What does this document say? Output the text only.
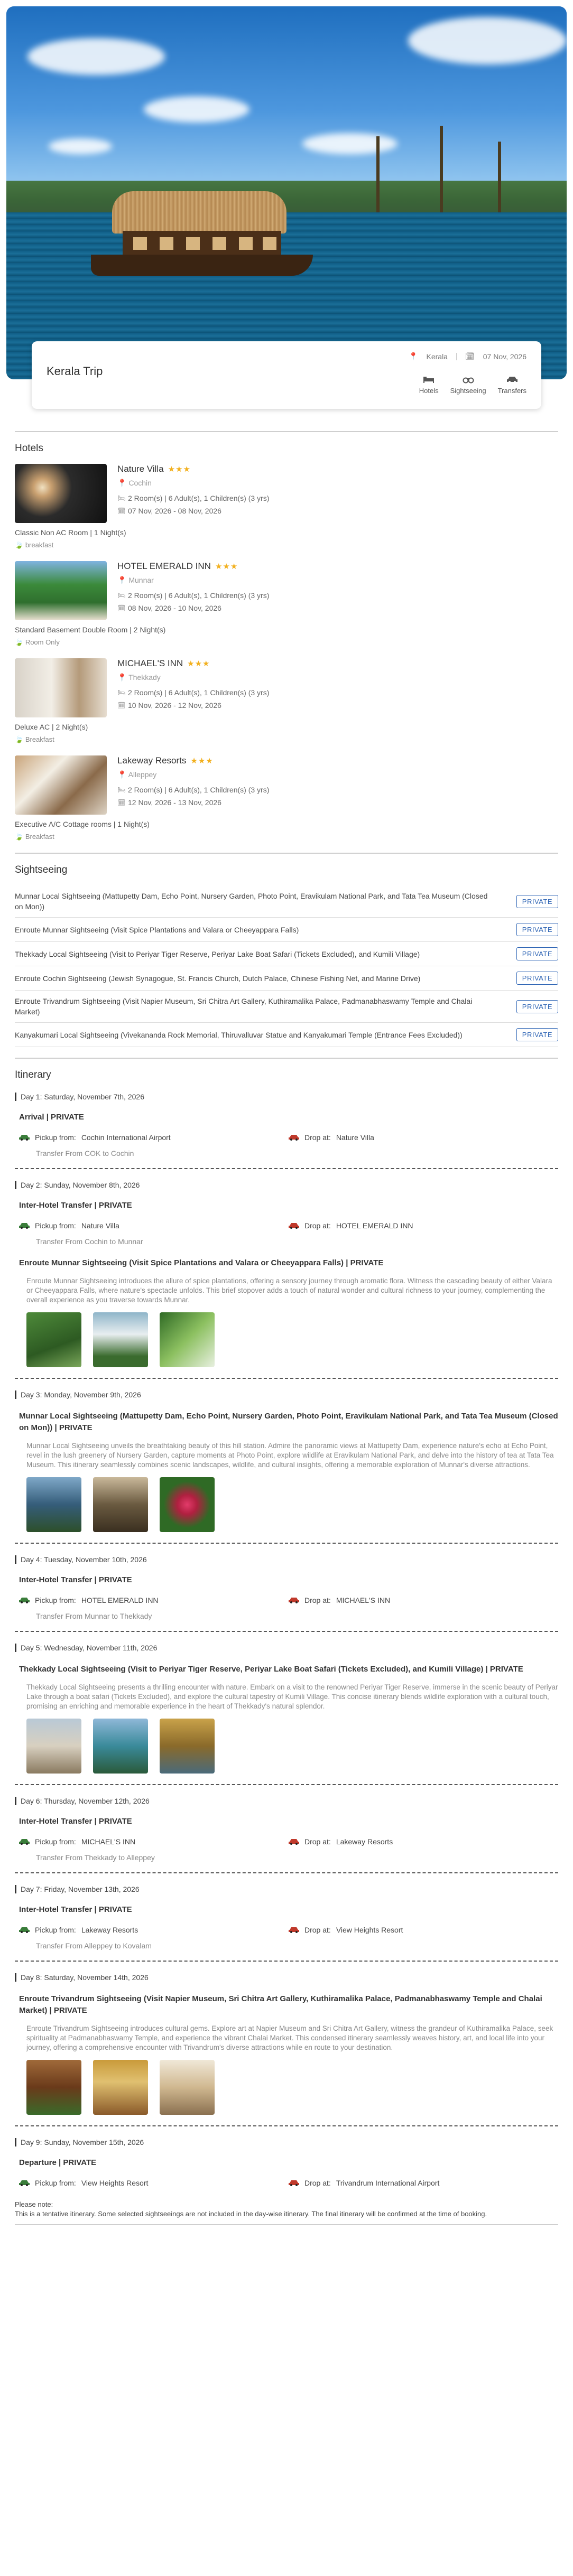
Kerala Trip
📍 Kerala 🗓 07 Nov, 2026
Hotels Sightseeing Transfers
Hotels
Nature Villa ★★★
📍 Cochin
🛏 2 Room(s) | 6 Adult(s), 1 Children(s) (3 yrs)
🗓 07 Nov, 2026 - 08 Nov, 2026
Classic Non AC Room | 1 Night(s)
🍃 breakfast
HOTEL EMERALD INN ★★★
📍 Munnar
🛏 2 Room(s) | 6 Adult(s), 1 Children(s) (3 yrs)
🗓 08 Nov, 2026 - 10 Nov, 2026
Standard Basement Double Room | 2 Night(s)
🍃 Room Only
MICHAEL'S INN ★★★
📍 Thekkady
🛏 2 Room(s) | 6 Adult(s), 1 Children(s) (3 yrs)
🗓 10 Nov, 2026 - 12 Nov, 2026
Deluxe AC | 2 Night(s)
🍃 Breakfast
Lakeway Resorts ★★★
📍 Alleppey
🛏 2 Room(s) | 6 Adult(s), 1 Children(s) (3 yrs)
🗓 12 Nov, 2026 - 13 Nov, 2026
Executive A/C Cottage rooms | 1 Night(s)
🍃 Breakfast
Sightseeing
Munnar Local Sightseeing (Mattupetty Dam, Echo Point, Nursery Garden, Photo Point, Eravikulam National Park, and Tata Tea Museum (Closed on Mon))
PRIVATE
Enroute Munnar Sightseeing (Visit Spice Plantations and Valara or Cheeyappara Falls)	PRIVATE
Thekkady Local Sightseeing (Visit to Periyar Tiger Reserve, Periyar Lake Boat Safari (Tickets Excluded), and Kumili Village)	PRIVATE
Enroute Cochin Sightseeing (Jewish Synagogue, St. Francis Church, Dutch Palace, Chinese Fishing Net, and Marine Drive)	PRIVATE
Enroute Trivandrum Sightseeing (Visit Napier Museum, Sri Chitra Art Gallery, Kuthiramalika Palace, Padmanabhaswamy Temple and Chalai Market)
PRIVATE
Kanyakumari Local Sightseeing (Vivekananda Rock Memorial, Thiruvalluvar Statue and Kanyakumari Temple (Entrance Fees Excluded))	PRIVATE
Itinerary
Day 1: Saturday, November 7th, 2026
Arrival | PRIVATE
Pickup from: Cochin International Airport	Drop at: Nature Villa
Transfer From COK to Cochin
Day 2: Sunday, November 8th, 2026
Inter-Hotel Transfer | PRIVATE
Pickup from: Nature Villa	Drop at: HOTEL EMERALD INN
Transfer From Cochin to Munnar
Enroute Munnar Sightseeing (Visit Spice Plantations and Valara or Cheeyappara Falls) | PRIVATE
Enroute Munnar Sightseeing introduces the allure of spice plantations, offering a sensory journey through aromatic flora. Witness the cascading beauty of either Valara or Cheeyappara Falls, where nature's spectacle unfolds. This brief stopover adds a touch of natural wonder and cultural richness to your journey, complementing the overall experience as you traverse towards Munnar.
Day 3: Monday, November 9th, 2026
Munnar Local Sightseeing (Mattupetty Dam, Echo Point, Nursery Garden, Photo Point, Eravikulam National Park, and Tata Tea Museum (Closed on Mon)) | PRIVATE
Munnar Local Sightseeing unveils the breathtaking beauty of this hill station. Admire the panoramic views at Mattupetty Dam, experience nature's echo at Echo Point, revel in the lush greenery of Nursery Garden, capture moments at Photo Point, explore wildlife at Eravikulam National Park, and delve into the history of tea at Tata Tea Museum. This itinerary seamlessly combines scenic landscapes, wildlife, and cultural insights, offering a memorable exploration of Munnar's diverse attractions.
Day 4: Tuesday, November 10th, 2026
Inter-Hotel Transfer | PRIVATE
Pickup from: HOTEL EMERALD INN	Drop at: MICHAEL'S INN
Transfer From Munnar to Thekkady
Day 5: Wednesday, November 11th, 2026
Thekkady Local Sightseeing (Visit to Periyar Tiger Reserve, Periyar Lake Boat Safari (Tickets Excluded), and Kumili Village) | PRIVATE
Thekkady Local Sightseeing presents a thrilling encounter with nature. Embark on a visit to the renowned Periyar Tiger Reserve, immerse in the scenic beauty of Periyar Lake through a boat safari (Tickets Excluded), and explore the cultural tapestry of Kumili Village. This concise itinerary blends wildlife exploration with a cultural touch, promising an enriching and memorable experience in the heart of Thekkady's natural splendor.
Day 6: Thursday, November 12th, 2026
Inter-Hotel Transfer | PRIVATE
Pickup from: MICHAEL'S INN	Drop at: Lakeway Resorts
Transfer From Thekkady to Alleppey
Day 7: Friday, November 13th, 2026
Inter-Hotel Transfer | PRIVATE
Pickup from: Lakeway Resorts	Drop at: View Heights Resort
Transfer From Alleppey to Kovalam
Day 8: Saturday, November 14th, 2026
Enroute Trivandrum Sightseeing (Visit Napier Museum, Sri Chitra Art Gallery, Kuthiramalika Palace, Padmanabhaswamy Temple and Chalai Market) | PRIVATE
Enroute Trivandrum Sightseeing introduces cultural gems. Explore art at Napier Museum and Sri Chitra Art Gallery, witness the grandeur of Kuthiramalika Palace, seek spirituality at Padmanabhaswamy Temple, and experience the vibrant Chalai Market. This condensed itinerary seamlessly weaves history, art, and local life into your journey, offering a comprehensive encounter with Trivandrum's diverse attractions while en route to your destination.
Day 9: Sunday, November 15th, 2026
Departure | PRIVATE
Pickup from: View Heights Resort	Drop at: Trivandrum International Airport
Please note:
This is a tentative itinerary. Some selected sightseeings are not included in the day-wise itinerary. The final itinerary will be confirmed at the time of booking.
